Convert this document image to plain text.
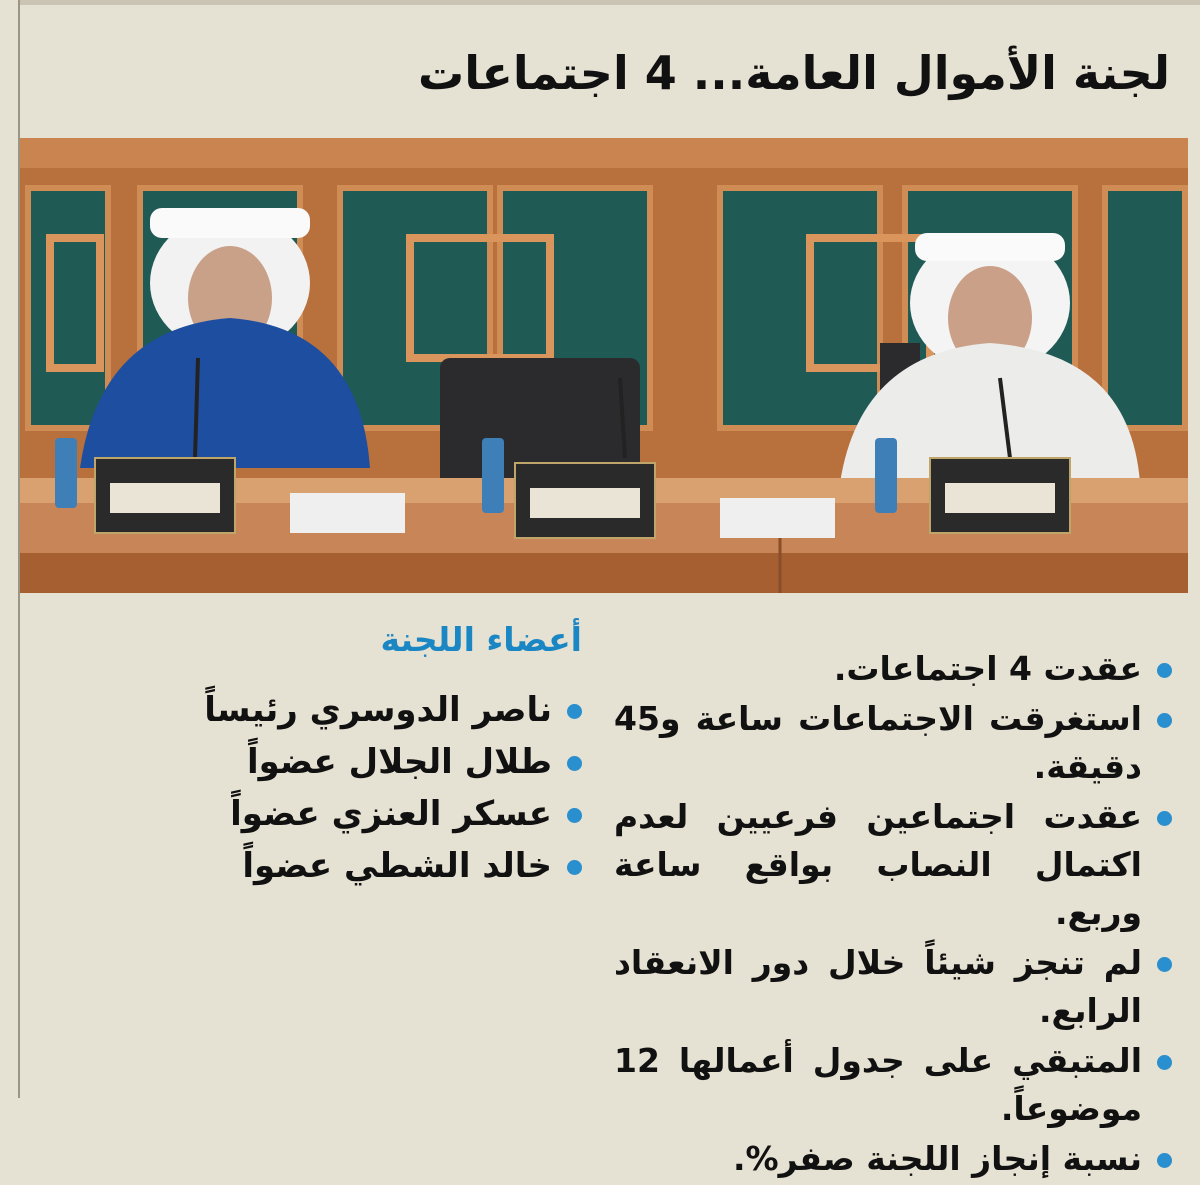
لجنة الأموال العامة... 4 اجتماعات
أعضاء اللجنة
ناصر الدوسري رئيساً
طلال الجلال عضواً
عسكر العنزي عضواً
خالد الشطي عضواً
عقدت 4 اجتماعات.
استغرقت الاجتماعات ساعة و45 دقيقة.
عقدت اجتماعين فرعيين لعدم اكتمال النصاب بواقع ساعة وربع.
لم تنجز شيئاً خلال دور الانعقاد الرابع.
المتبقي على جدول أعمالها 12 موضوعاً.
نسبة إنجاز اللجنة صفر%.
